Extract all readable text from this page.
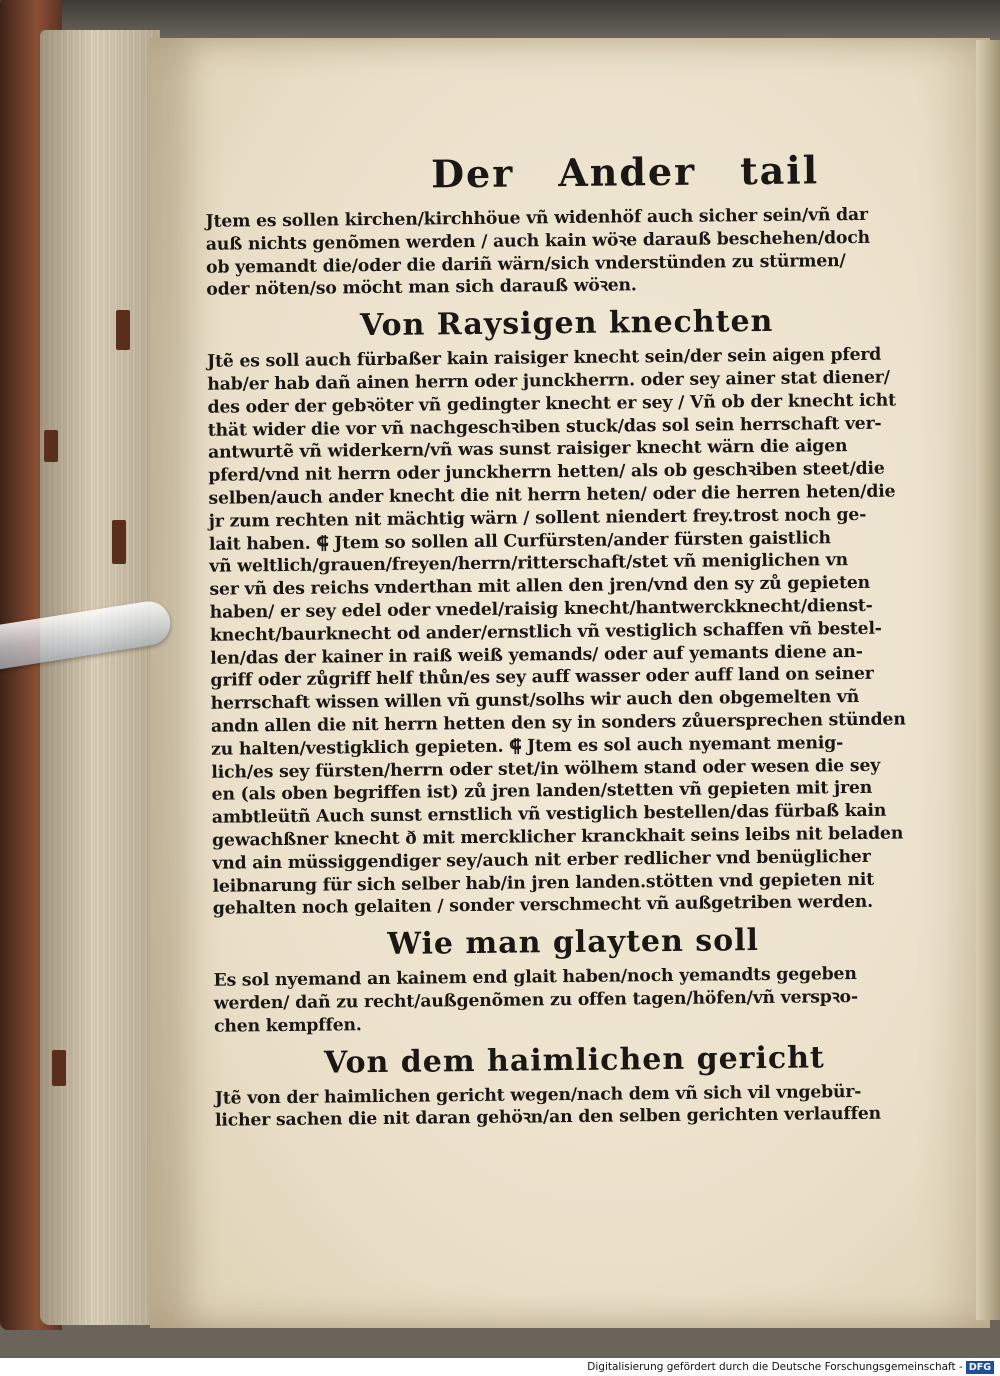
Der Ander tail
Jtem es sollen kirchen/kirchhöue vñ widenhöf auch sicher sein/vñ dar
auß nichts genõmen werden / auch kain wöꝛe darauß beschehen/doch
ob yemandt die/oder die dariñ wärn/sich vnderstünden zu stürmen/
oder nöten/so möcht man sich darauß wöꝛen.
Von Raysigen knechten
Jtẽ es soll auch fürbaßer kain raisiger knecht sein/der sein aigen pferd
hab/er hab dañ ainen herrn oder junckherrn. oder sey ainer stat diener/
des oder der gebꝛöter vñ gedingter knecht er sey / Vñ ob der knecht icht
thät wider die vor vñ nachgeschꝛiben stuck/das sol sein herrschaft ver-
antwurtẽ vñ widerkern/vñ was sunst raisiger knecht wärn die aigen
pferd/vnd nit herrn oder junckherrn hetten/ als ob geschꝛiben steet/die
selben/auch ander knecht die nit herrn heten/ oder die herren heten/die
jr zum rechten nit mächtig wärn / sollent niendert frey.trost noch ge-
lait haben. ⸿ Jtem so sollen all Curfürsten/ander fürsten gaistlich
vñ weltlich/grauen/freyen/herrn/ritterschaft/stet vñ meniglichen vn
ser vñ des reichs vnderthan mit allen den jren/vnd den sy zů gepieten
haben/ er sey edel oder vnedel/raisig knecht/hantwerckknecht/dienst-
knecht/baurknecht od ander/ernstlich vñ vestiglich schaffen vñ bestel-
len/das der kainer in raiß weiß yemands/ oder auf yemants diene an-
griff oder zůgriff helf thůn/es sey auff wasser oder auff land on seiner
herrschaft wissen willen vñ gunst/solhs wir auch den obgemelten vñ
andn allen die nit herrn hetten den sy in sonders zůuersprechen stünden
zu halten/vestigklich gepieten. ⸿ Jtem es sol auch nyemant menig-
lich/es sey fürsten/herrn oder stet/in wölhem stand oder wesen die sey
en (als oben begriffen ist) zů jren landen/stetten vñ gepieten mit jren
ambtleütñ Auch sunst ernstlich vñ vestiglich bestellen/das fürbaß kain
gewachßner knecht ð mit mercklicher kranckhait seins leibs nit beladen
vnd ain müssiggendiger sey/auch nit erber redlicher vnd benüglicher
leibnarung für sich selber hab/in jren landen.stötten vnd gepieten nit
gehalten noch gelaiten / sonder verschmecht vñ außgetriben werden.
Wie man glayten soll
Es sol nyemand an kainem end glait haben/noch yemandts gegeben
werden/ dañ zu recht/außgenõmen zu offen tagen/höfen/vñ verspꝛo-
chen kempffen.
Von dem haimlichen gericht
Jtẽ von der haimlichen gericht wegen/nach dem vñ sich vil vngebür-
licher sachen die nit daran gehöꝛn/an den selben gerichten verlauffen
Digitalisierung gefördert durch die Deutsche Forschungsgemeinschaft - DFG
